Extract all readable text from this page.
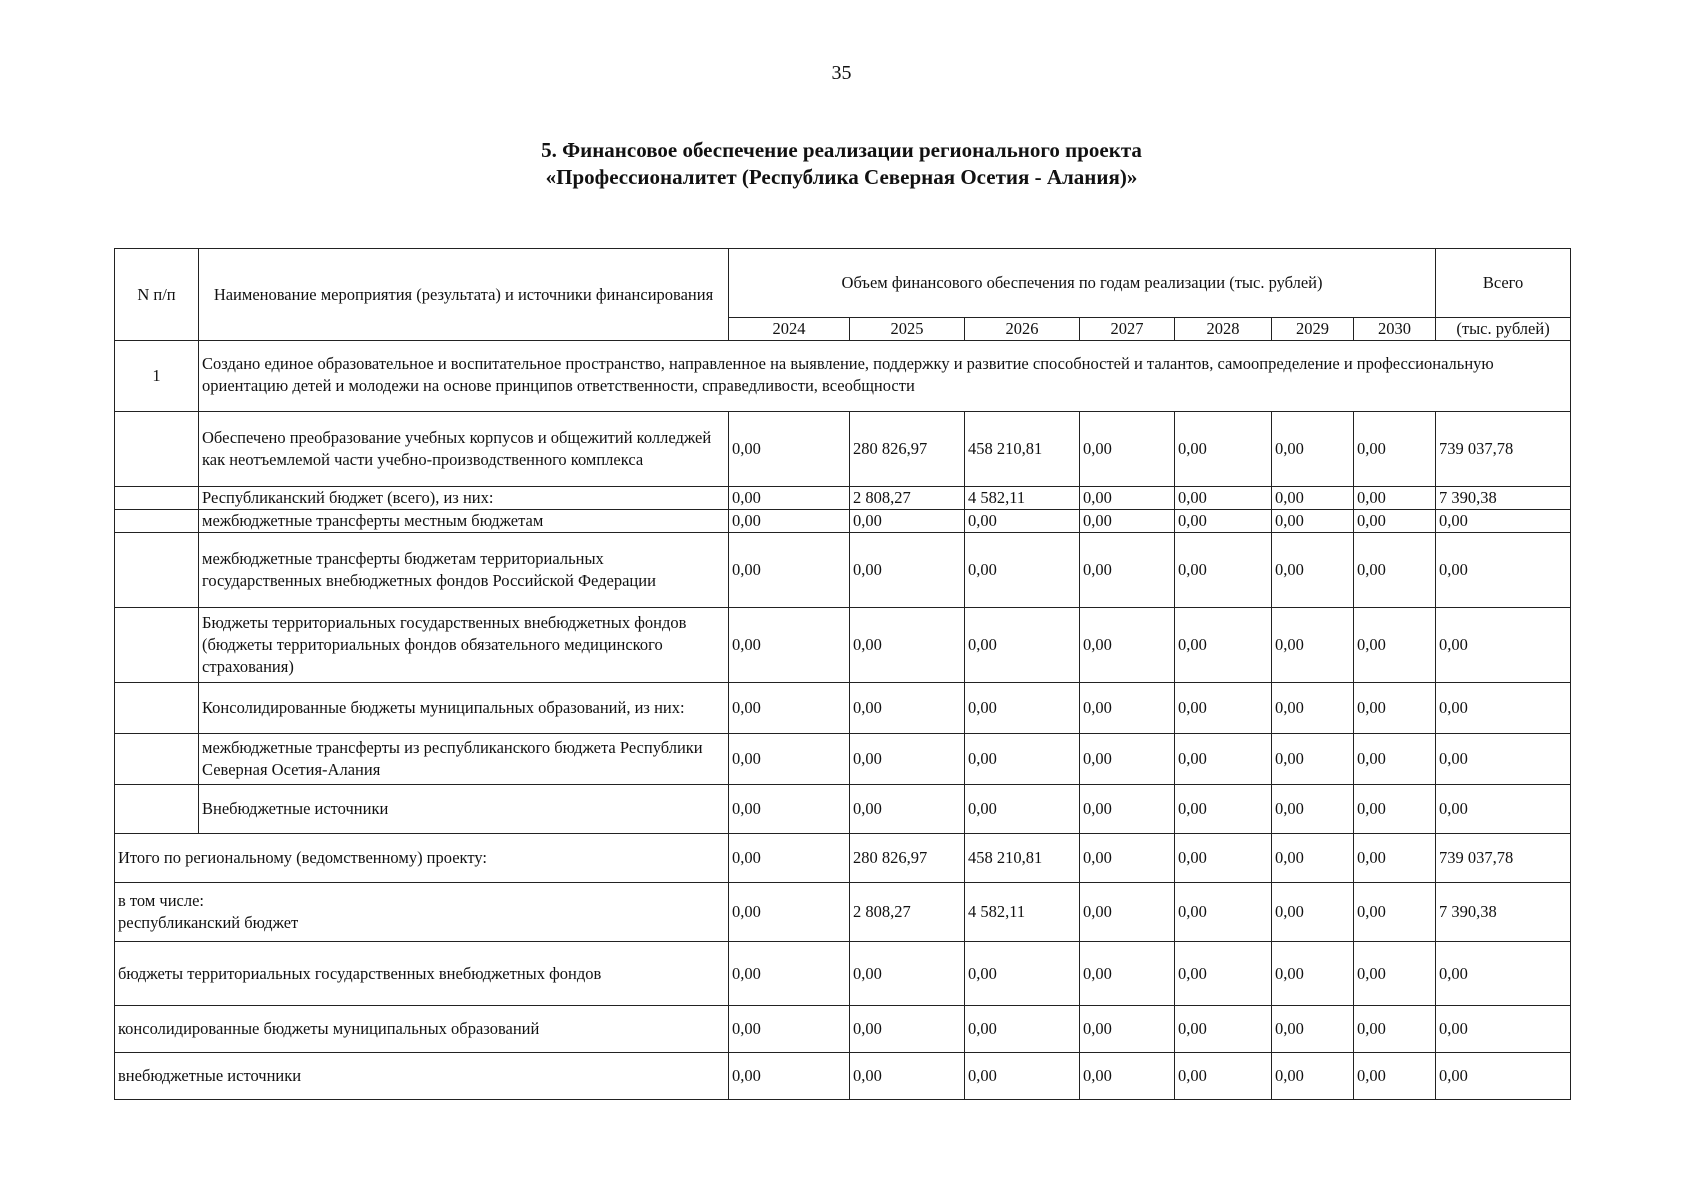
35
5. Финансовое обеспечение реализации регионального проекта
«Профессионалитет (Республика Северная Осетия - Алания)»
N п/п	Наименование мероприятия (результата) и источники финансирования	Объем финансового обеспечения по годам реализации (тыс. рублей)							Всего
		2024	2025	2026	2027	2028	2029	2030	(тыс. рублей)
1	Создано единое образовательное и воспитательное пространство, направленное на выявление, поддержку и развитие способностей и талантов, самоопределение и профессиональную ориентацию детей и молодежи на основе принципов ответственности, справедливости, всеобщности								
	Обеспечено преобразование учебных корпусов и общежитий колледжей как неотъемлемой части учебно-производственного комплекса	0,00	280 826,97	458 210,81	0,00	0,00	0,00	0,00	739 037,78
	Республиканский бюджет (всего), из них:	0,00	2 808,27	4 582,11	0,00	0,00	0,00	0,00	7 390,38
	межбюджетные трансферты местным бюджетам	0,00	0,00	0,00	0,00	0,00	0,00	0,00	0,00
	межбюджетные трансферты бюджетам территориальных государственных внебюджетных фондов Российской Федерации	0,00	0,00	0,00	0,00	0,00	0,00	0,00	0,00
	Бюджеты территориальных государственных внебюджетных фондов (бюджеты территориальных фондов обязательного медицинского страхования)	0,00	0,00	0,00	0,00	0,00	0,00	0,00	0,00
	Консолидированные бюджеты муниципальных образований, из них:	0,00	0,00	0,00	0,00	0,00	0,00	0,00	0,00
	межбюджетные трансферты из республиканского бюджета Республики Северная Осетия-Алания	0,00	0,00	0,00	0,00	0,00	0,00	0,00	0,00
	Внебюджетные источники	0,00	0,00	0,00	0,00	0,00	0,00	0,00	0,00

Итого по региональному (ведомственному) проекту:		0,00	280 826,97	458 210,81	0,00	0,00	0,00	0,00	739 037,78

в том числе:
республиканский бюджет		0,00	2 808,27	4 582,11	0,00	0,00	0,00	0,00	7 390,38

бюджеты территориальных государственных внебюджетных фондов		0,00	0,00	0,00	0,00	0,00	0,00	0,00	0,00

консолидированные бюджеты муниципальных образований		0,00	0,00	0,00	0,00	0,00	0,00	0,00	0,00

внебюджетные источники		0,00	0,00	0,00	0,00	0,00	0,00	0,00	0,00
